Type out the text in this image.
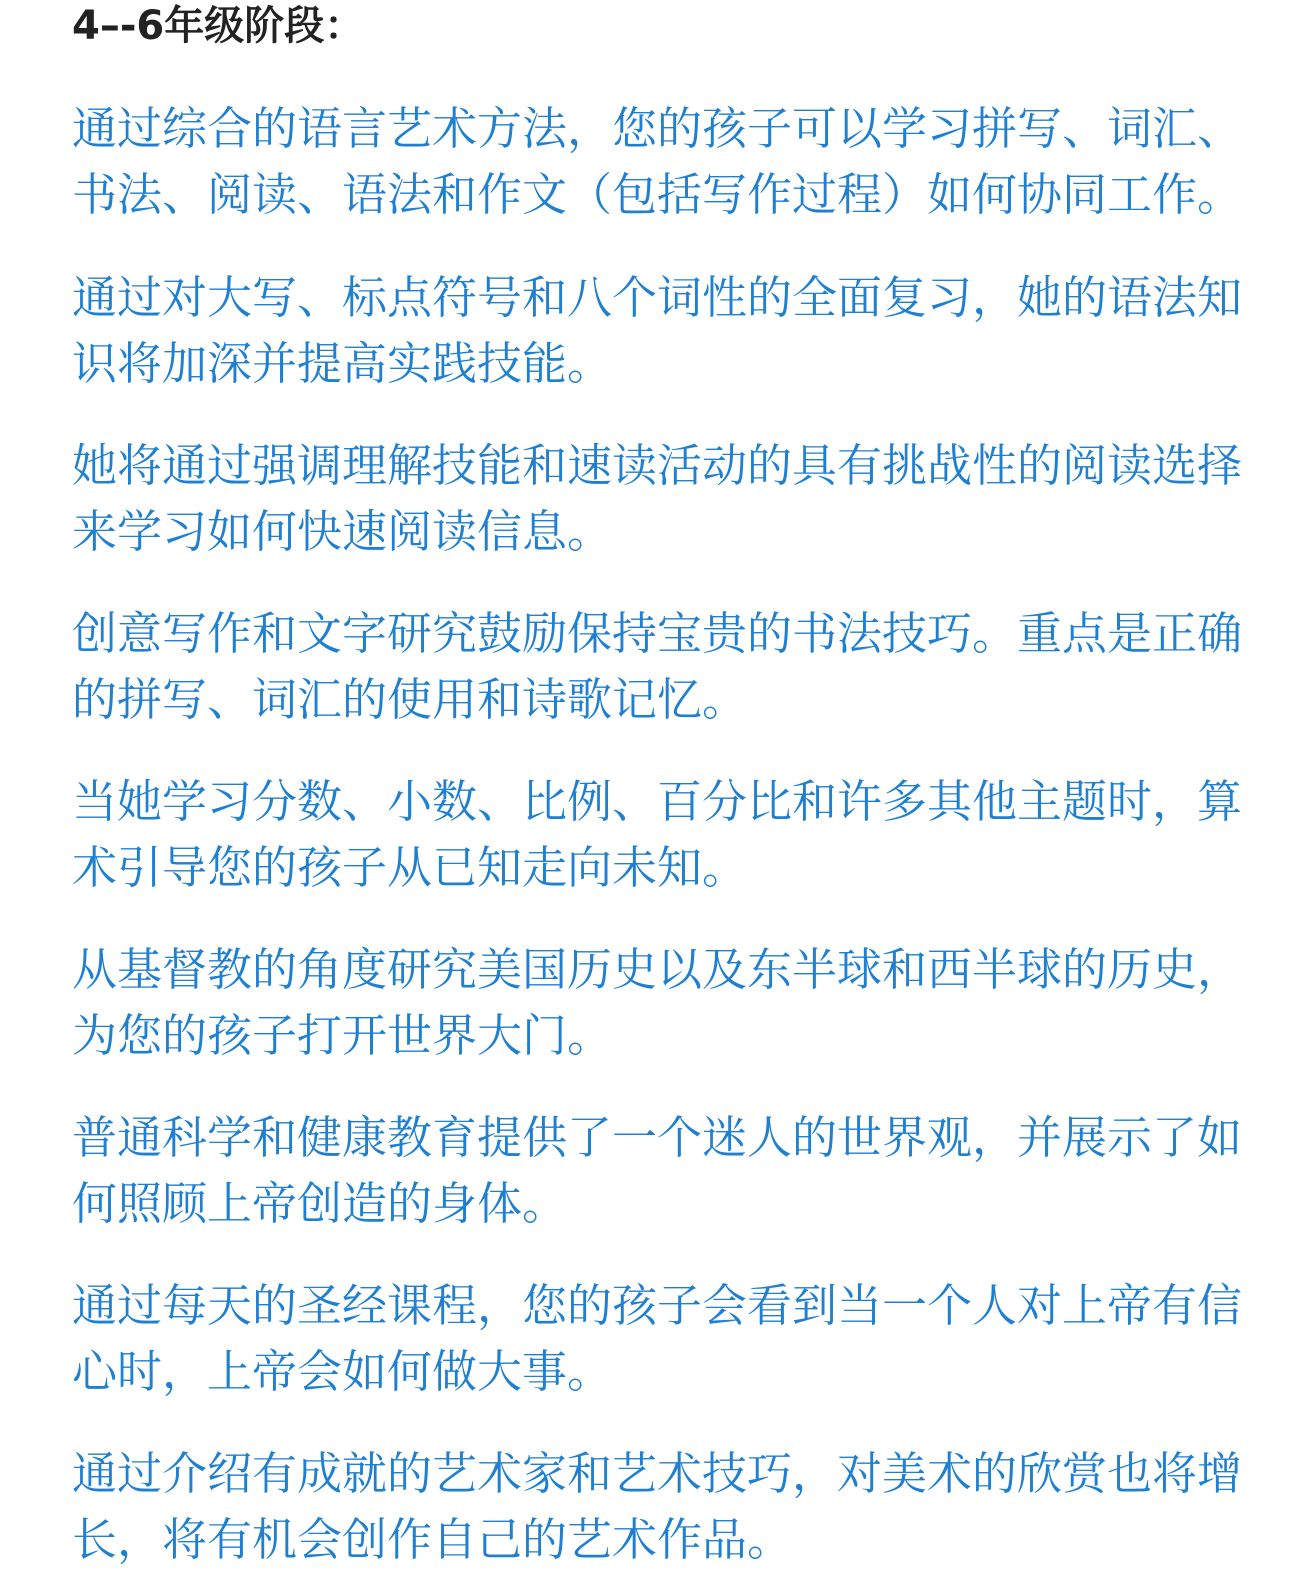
4–-6年级阶段：

通过综合的语言艺术方法，您的孩子可以学习拼写、词汇、书法、阅读、语法和作文（包括写作过程）如何协同工作。

通过对大写、标点符号和八个词性的全面复习，她的语法知识将加深并提高实践技能。

她将通过强调理解技能和速读活动的具有挑战性的阅读选择来学习如何快速阅读信息。

创意写作和文字研究鼓励保持宝贵的书法技巧。重点是正确的拼写、词汇的使用和诗歌记忆。

当她学习分数、小数、比例、百分比和许多其他主题时，算术引导您的孩子从已知走向未知。

从基督教的角度研究美国历史以及东半球和西半球的历史，为您的孩子打开世界大门。

普通科学和健康教育提供了一个迷人的世界观，并展示了如何照顾上帝创造的身体。

通过每天的圣经课程，您的孩子会看到当一个人对上帝有信心时，上帝会如何做大事。

通过介绍有成就的艺术家和艺术技巧，对美术的欣赏也将增长，将有机会创作自己的艺术作品。
